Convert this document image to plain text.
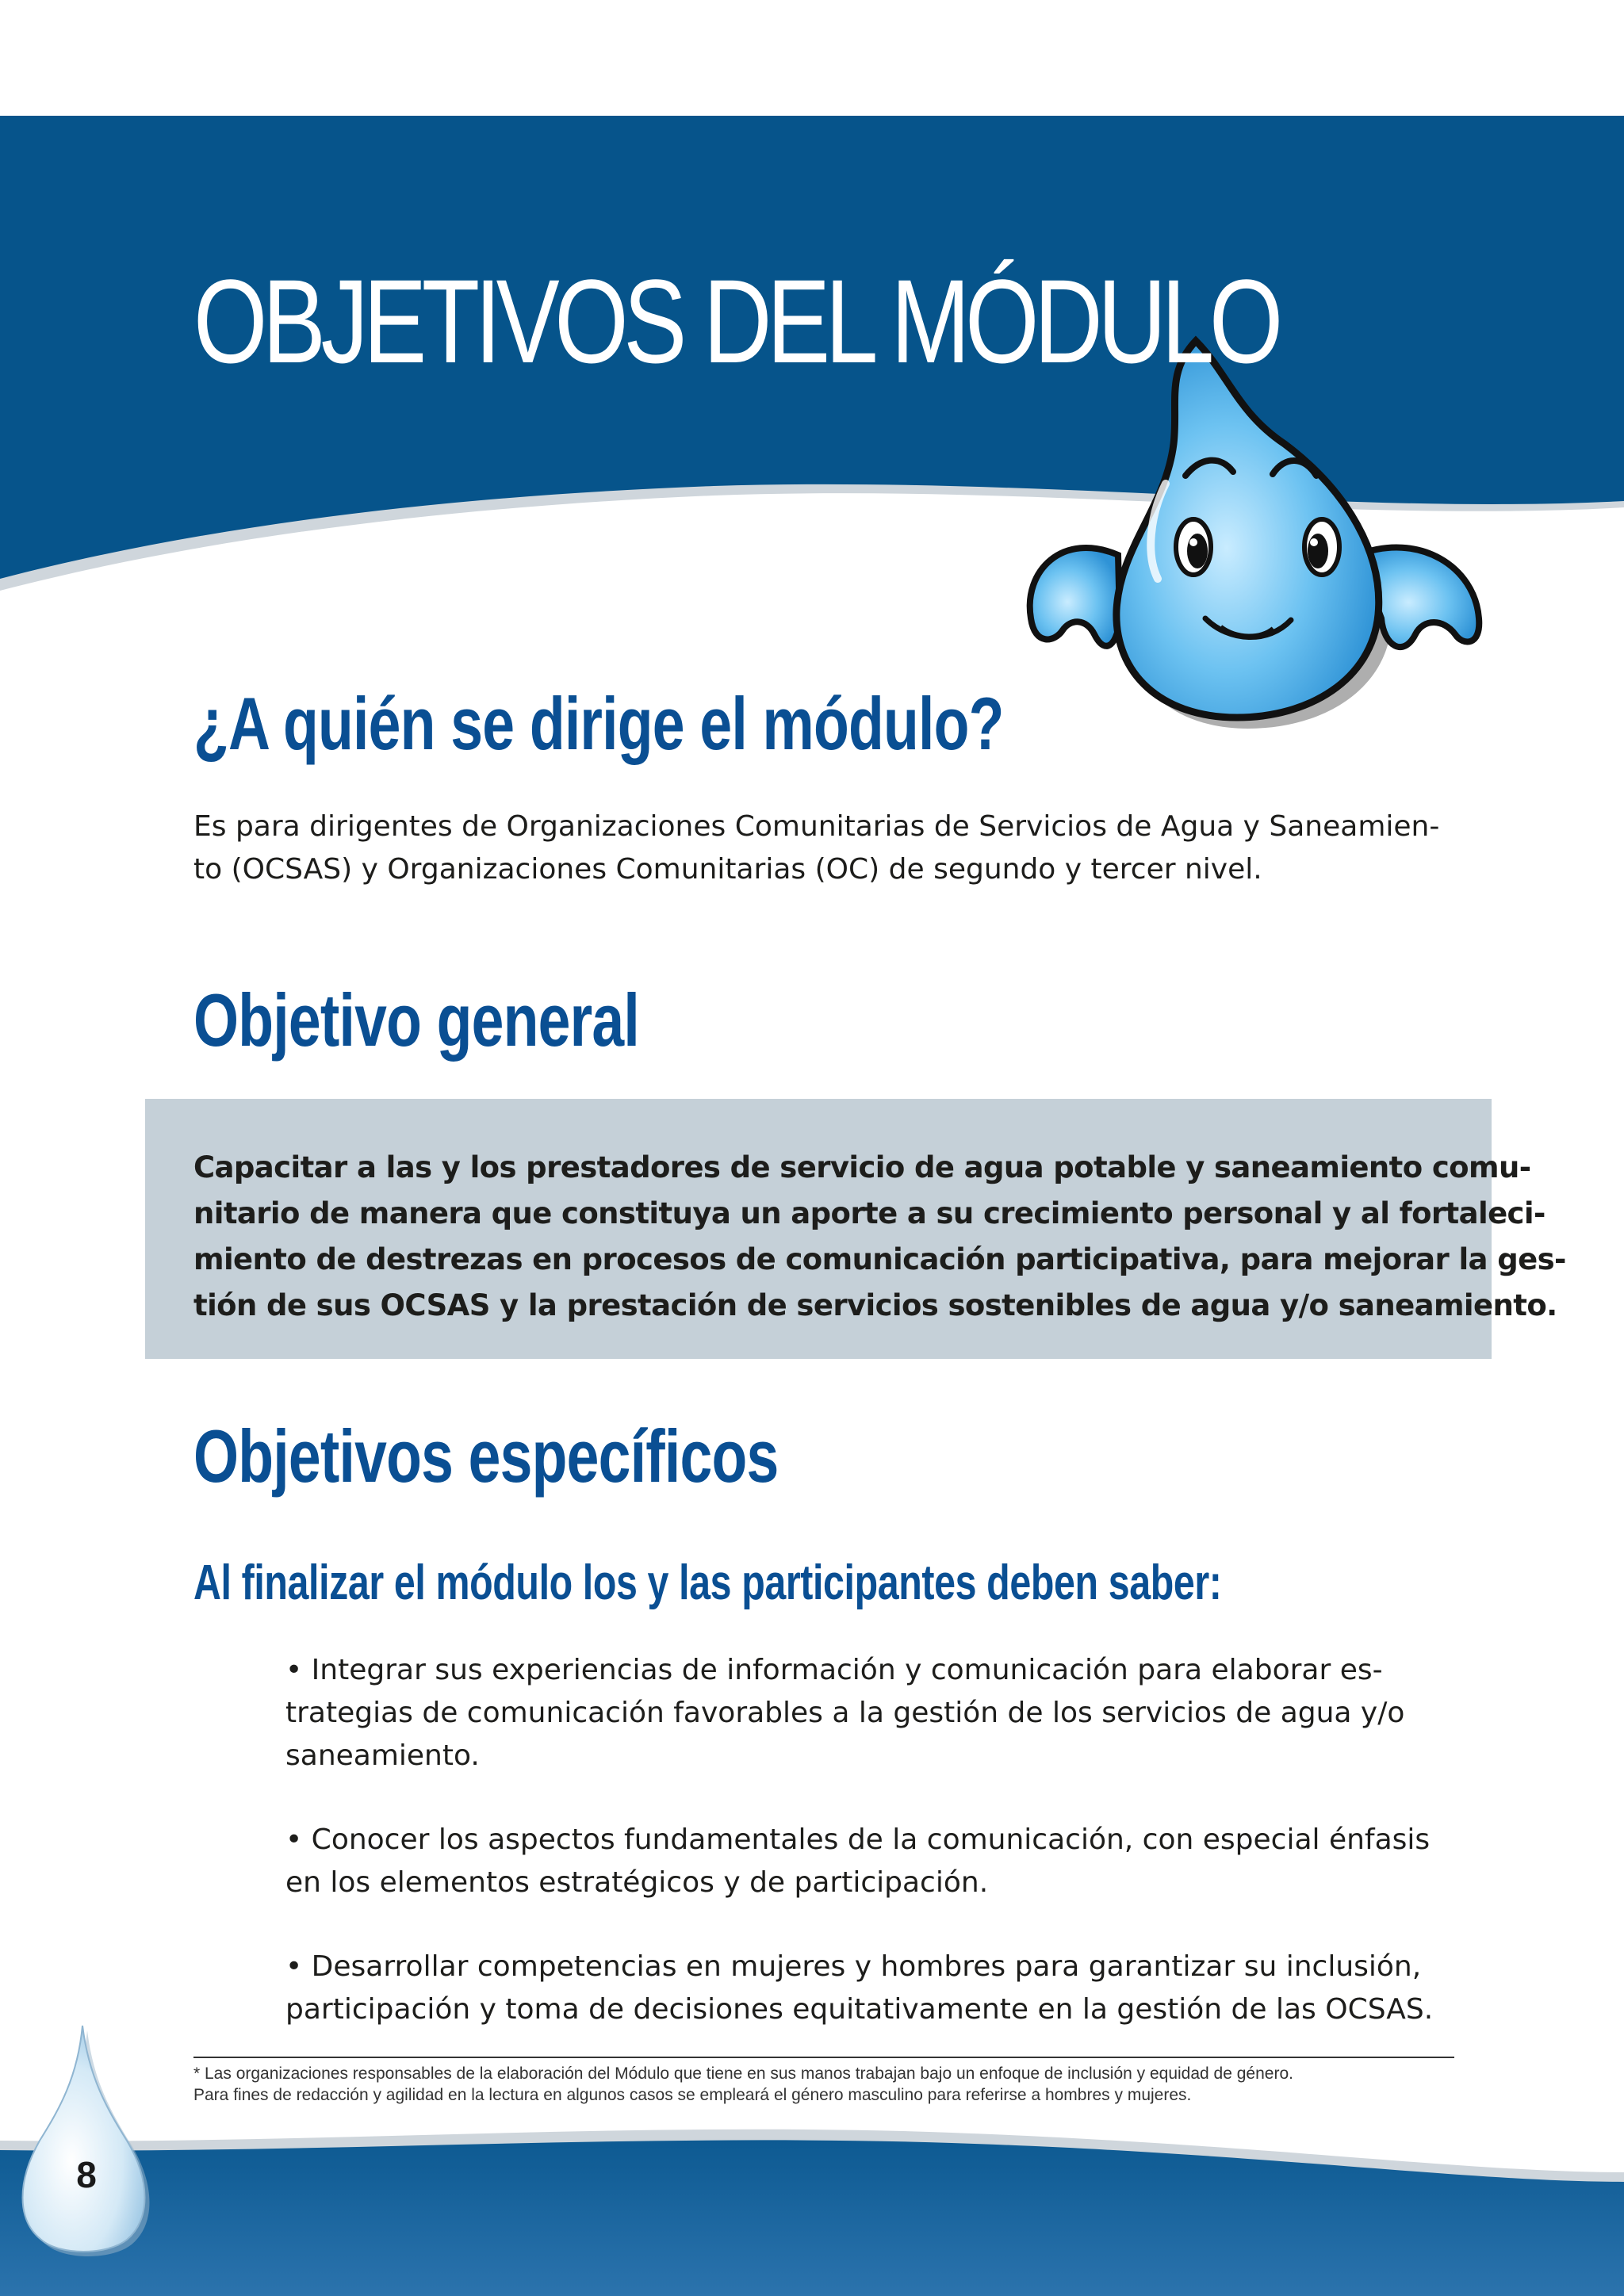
OBJETIVOS DEL MÓDULO
¿A quién se dirige el módulo?

Es para dirigentes de Organizaciones Comunitarias de Servicios de Agua y Saneamien-
to (OCSAS) y Organizaciones Comunitarias (OC) de segundo y tercer nivel.

Objetivo general

Capacitar a las y los prestadores de servicio de agua potable y saneamiento comu-
nitario de manera que constituya un aporte a su crecimiento personal y al fortaleci-
miento de destrezas en procesos de comunicación participativa, para mejorar la ges-
tión de sus OCSAS y la prestación de servicios sostenibles de agua y/o saneamiento.

Objetivos específicos
Al finalizar el módulo los y las participantes deben saber:
• Integrar sus experiencias de información y comunicación para elaborar es-
trategias de comunicación favorables a la gestión de los servicios de agua y/o
saneamiento.
• Conocer los aspectos fundamentales de la comunicación, con especial énfasis
en los elementos estratégicos y de participación.
• Desarrollar competencias en mujeres y hombres para garantizar su inclusión,
participación y toma de decisiones equitativamente en la gestión de las OCSAS.

* Las organizaciones responsables de la elaboración del Módulo que tiene en sus manos trabajan bajo un enfoque de inclusión y equidad de género.
Para fines de redacción y agilidad en la lectura en algunos casos se empleará el género masculino para referirse a hombres y mujeres.

8
